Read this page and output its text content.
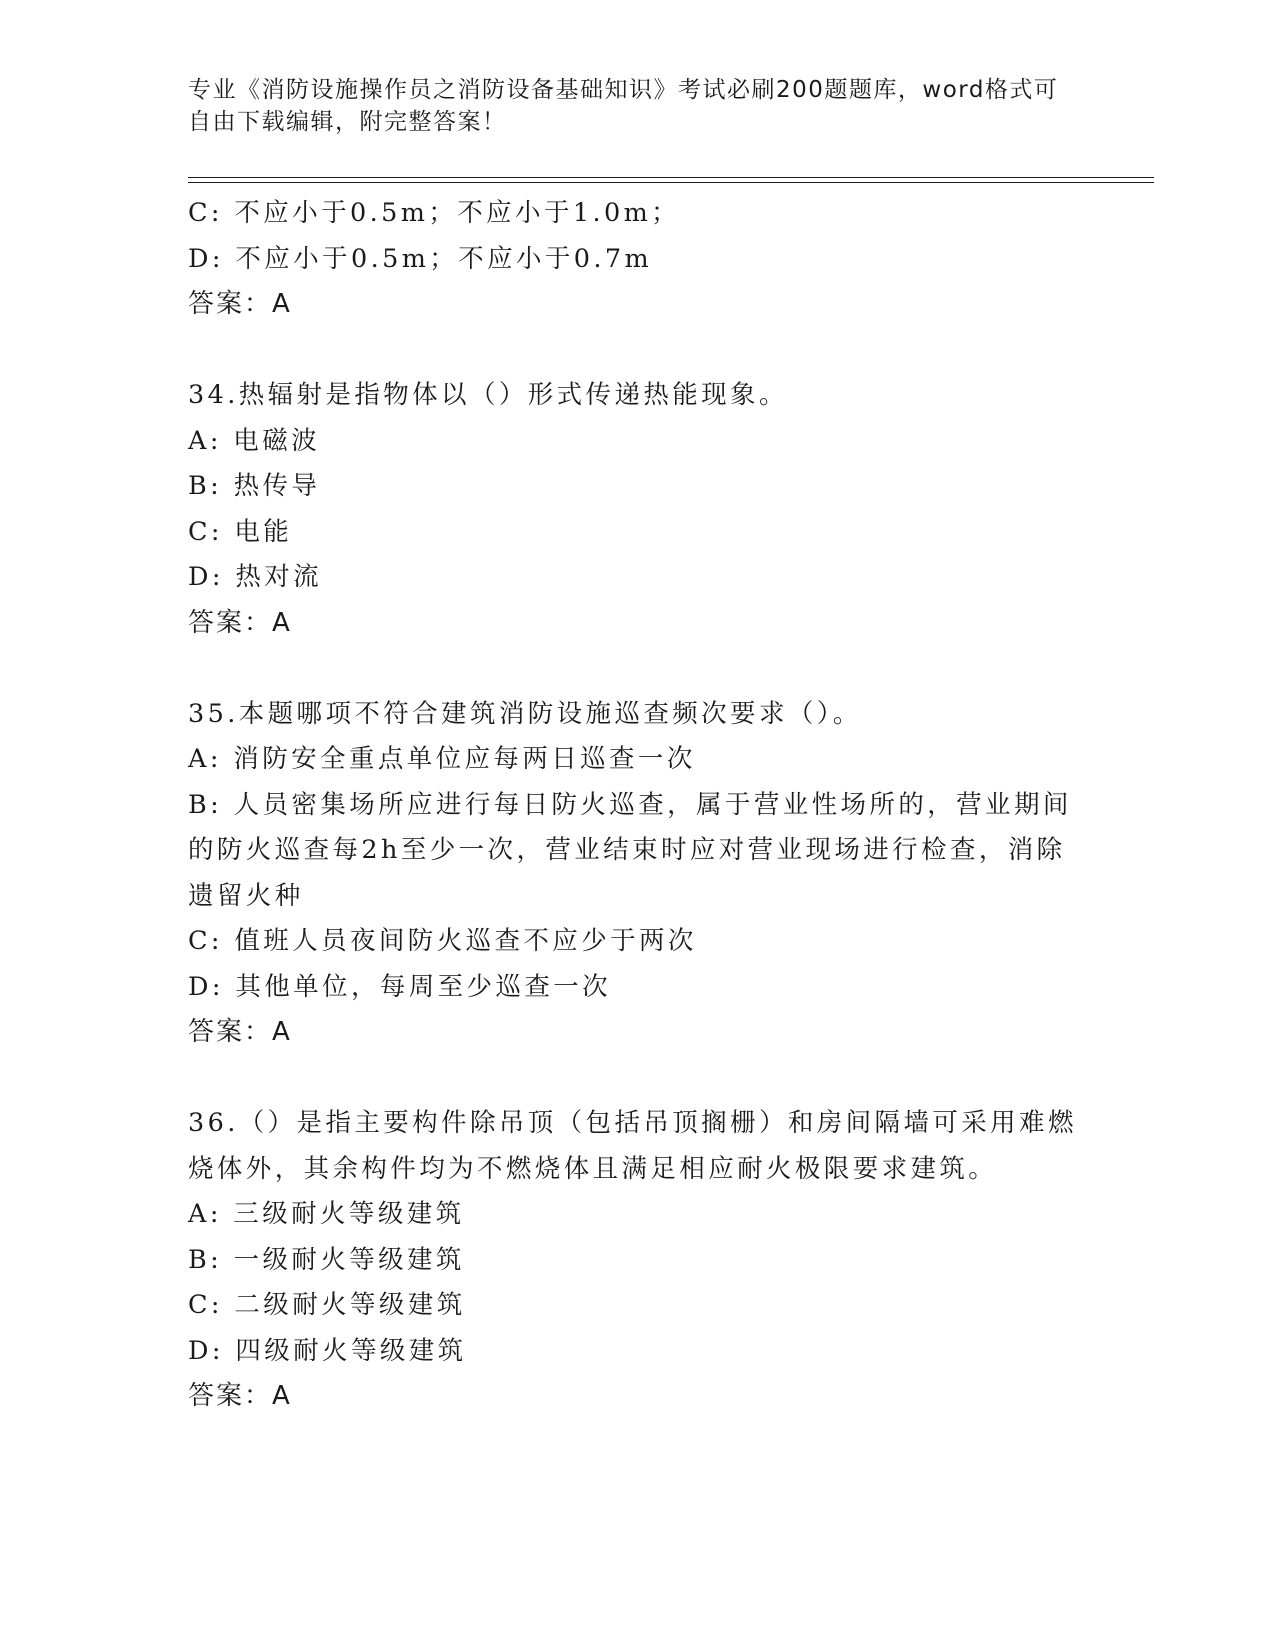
专业《消防设施操作员之消防设备基础知识》考试必刷200题题库，word格式可自由下载编辑，附完整答案！
C: 不应小于0.5m；不应小于1.0m；
D: 不应小于0.5m；不应小于0.7m
答案：A
34.热辐射是指物体以（）形式传递热能现象。
A: 电磁波
B: 热传导
C: 电能
D: 热对流
答案：A
35.本题哪项不符合建筑消防设施巡查频次要求（）。
A: 消防安全重点单位应每两日巡查一次
B: 人员密集场所应进行每日防火巡查，属于营业性场所的，营业期间的防火巡查每2h至少一次，营业结束时应对营业现场进行检查，消除遗留火种
C: 值班人员夜间防火巡查不应少于两次
D: 其他单位，每周至少巡查一次
答案：A
36.（）是指主要构件除吊顶（包括吊顶搁栅）和房间隔墙可采用难燃烧体外，其余构件均为不燃烧体且满足相应耐火极限要求建筑。
A: 三级耐火等级建筑
B: 一级耐火等级建筑
C: 二级耐火等级建筑
D: 四级耐火等级建筑
答案：A
